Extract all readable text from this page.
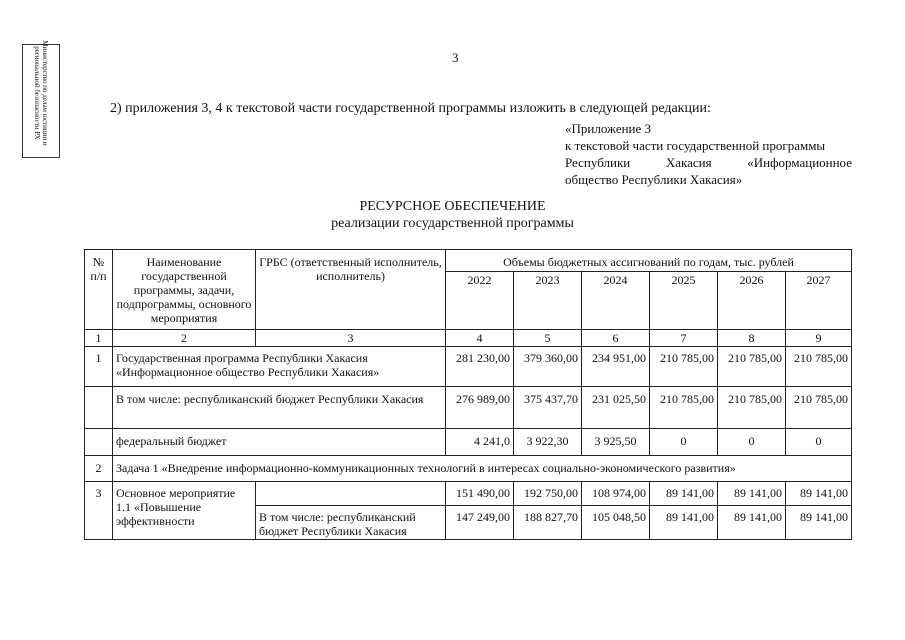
3
Министерство по делам юстиции и региональной безопасности РХ	2) приложения 3, 4 к текстовой части государственной программы изложить в следующей редакции:
«Приложение 3
к текстовой части государственной программы
Республики Хакасия «Информационное
общество Республики Хакасия»
РЕСУРСНОЕ ОБЕСПЕЧЕНИЕ
реализации государственной программы
№ п/п	Наименование государственной программы, задачи, подпрограммы, основного мероприятия	ГРБС (ответственный исполнитель, исполнитель)	Объемы бюджетных ассигнований по годам, тыс. рублей					
			2022	2023	2024	2025	2026	2027
1	2	3	4	5	6	7	8	9
1	Государственная программа Республики Хакасия «Информационное общество Республики Хакасия»		281 230,00	379 360,00	234 951,00	210 785,00	210 785,00	210 785,00
	В том числе: республиканский бюджет Республики Хакасия		276 989,00	375 437,70	231 025,50	210 785,00	210 785,00	210 785,00
	федеральный бюджет		4 241,0	3 922,30	3 925,50	0	0	0
2	Задача 1 «Внедрение информационно-коммуникационных технологий в интересах социально-экономического развития»							
3	Основное мероприятие 1.1 «Повышение эффективности		151 490,00	192 750,00	108 974,00	89 141,00	89 141,00	89 141,00
		В том числе: республиканский бюджет Республики Хакасия	147 249,00	188 827,70	105 048,50	89 141,00	89 141,00	89 141,00
